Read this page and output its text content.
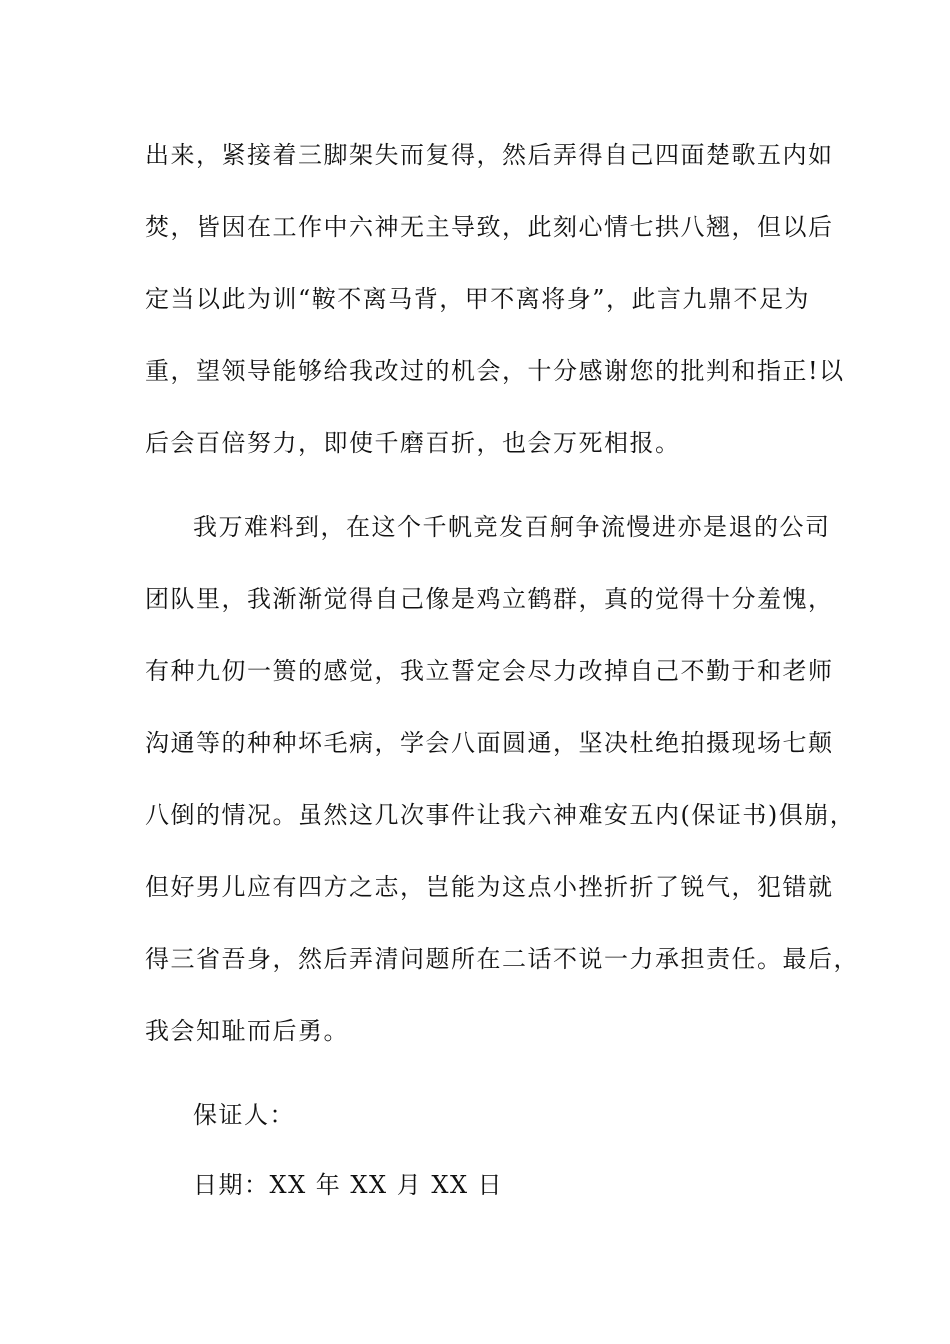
出来，紧接着三脚架失而复得，然后弄得自己四面楚歌五内如
焚，皆因在工作中六神无主导致，此刻心情七拱八翘，但以后
定当以此为训“鞍不离马背，甲不离将身”，此言九鼎不足为
重，望领导能够给我改过的机会，十分感谢您的批判和指正!以
后会百倍努力，即使千磨百折，也会万死相报。
我万难料到，在这个千帆竞发百舸争流慢进亦是退的公司
团队里，我渐渐觉得自己像是鸡立鹤群，真的觉得十分羞愧，
有种九仞一篑的感觉，我立誓定会尽力改掉自己不勤于和老师
沟通等的种种坏毛病，学会八面圆通，坚决杜绝拍摄现场七颠
八倒的情况。虽然这几次事件让我六神难安五内(保证书)俱崩，
但好男儿应有四方之志，岂能为这点小挫折折了锐气，犯错就
得三省吾身，然后弄清问题所在二话不说一力承担责任。最后，
我会知耻而后勇。
保证人：
日期：XX 年 XX 月 XX 日
